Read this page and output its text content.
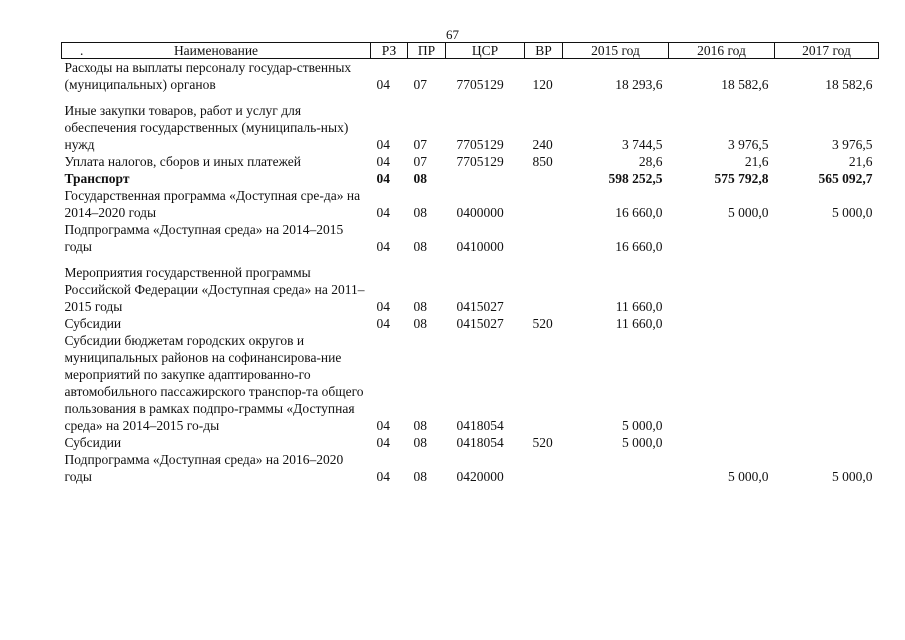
67
. Наименование	РЗ	ПР	ЦСР	ВР	2015 год	2016 год	2017 год
Расходы на выплаты персоналу государ-ственных (муниципальных) органов	04	07	7705129	120	18 293,6	18 582,6	18 582,6
Иные закупки товаров, работ и услуг для обеспечения государственных (муниципаль-ных) нужд	04	07	7705129	240	3 744,5	3 976,5	3 976,5
Уплата налогов, сборов и иных платежей	04	07	7705129	850	28,6	21,6	21,6
Транспорт	04	08			598 252,5	575 792,8	565 092,7
Государственная программа «Доступная сре-да» на 2014–2020 годы	04	08	0400000		16 660,0	5 000,0	5 000,0
Подпрограмма «Доступная среда» на 2014–2015 годы	04	08	0410000		16 660,0		
Мероприятия государственной программы Российской Федерации «Доступная среда» на 2011–2015 годы	04	08	0415027		11 660,0		
Субсидии	04	08	0415027	520	11 660,0		
Субсидии бюджетам городских округов и муниципальных районов на софинансирова-ние мероприятий по закупке адаптированно-го автомобильного пассажирского транспор-та общего пользования в рамках подпро-граммы «Доступная среда» на 2014–2015 го-ды	04	08	0418054		5 000,0		
Субсидии	04	08	0418054	520	5 000,0		
Подпрограмма «Доступная среда» на 2016–2020 годы	04	08	0420000			5 000,0	5 000,0
